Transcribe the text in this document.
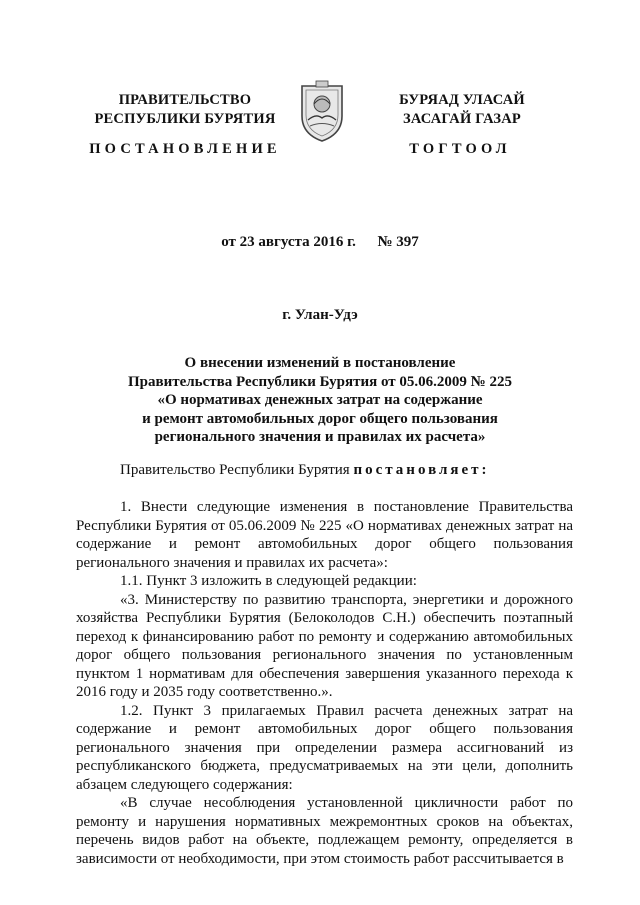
ПРАВИТЕЛЬСТВО
РЕСПУБЛИКИ БУРЯТИЯ
БУРЯАД УЛАСАЙ
ЗАСАГАЙ ГАЗАР
ПОСТАНОВЛЕНИЕ	ТОГТООЛ
от 23 августа 2016 г. № 397
г. Улан-Удэ
О внесении изменений в постановление
Правительства Республики Бурятия от 05.06.2009 № 225
«О нормативах денежных затрат на содержание
и ремонт автомобильных дорог общего пользования
регионального значения и правилах их расчета»
Правительство Республики Бурятия постановляет:

1. Внести следующие изменения в постановление Правительства Республики Бурятия от 05.06.2009 № 225 «О нормативах денежных затрат на содержание и ремонт автомобильных дорог общего пользования регионального значения и правилах их расчета»:

1.1. Пункт 3 изложить в следующей редакции:

«3. Министерству по развитию транспорта, энергетики и дорожного хозяйства Республики Бурятия (Белоколодов С.Н.) обеспечить поэтапный переход к финансированию работ по ремонту и содержанию автомобильных дорог общего пользования регионального значения по установленным пунктом 1 нормативам для обеспечения завершения указанного перехода к 2016 году и 2035 году соответственно.».

1.2. Пункт 3 прилагаемых Правил расчета денежных затрат на содержание и ремонт автомобильных дорог общего пользования регионального значения при определении размера ассигнований из республиканского бюджета, предусматриваемых на эти цели, дополнить абзацем следующего содержания:

«В случае несоблюдения установленной цикличности работ по ремонту и нарушения нормативных межремонтных сроков на объектах, перечень видов работ на объекте, подлежащем ремонту, определяется в зависимости от необходимости, при этом стоимость работ рассчитывается в
